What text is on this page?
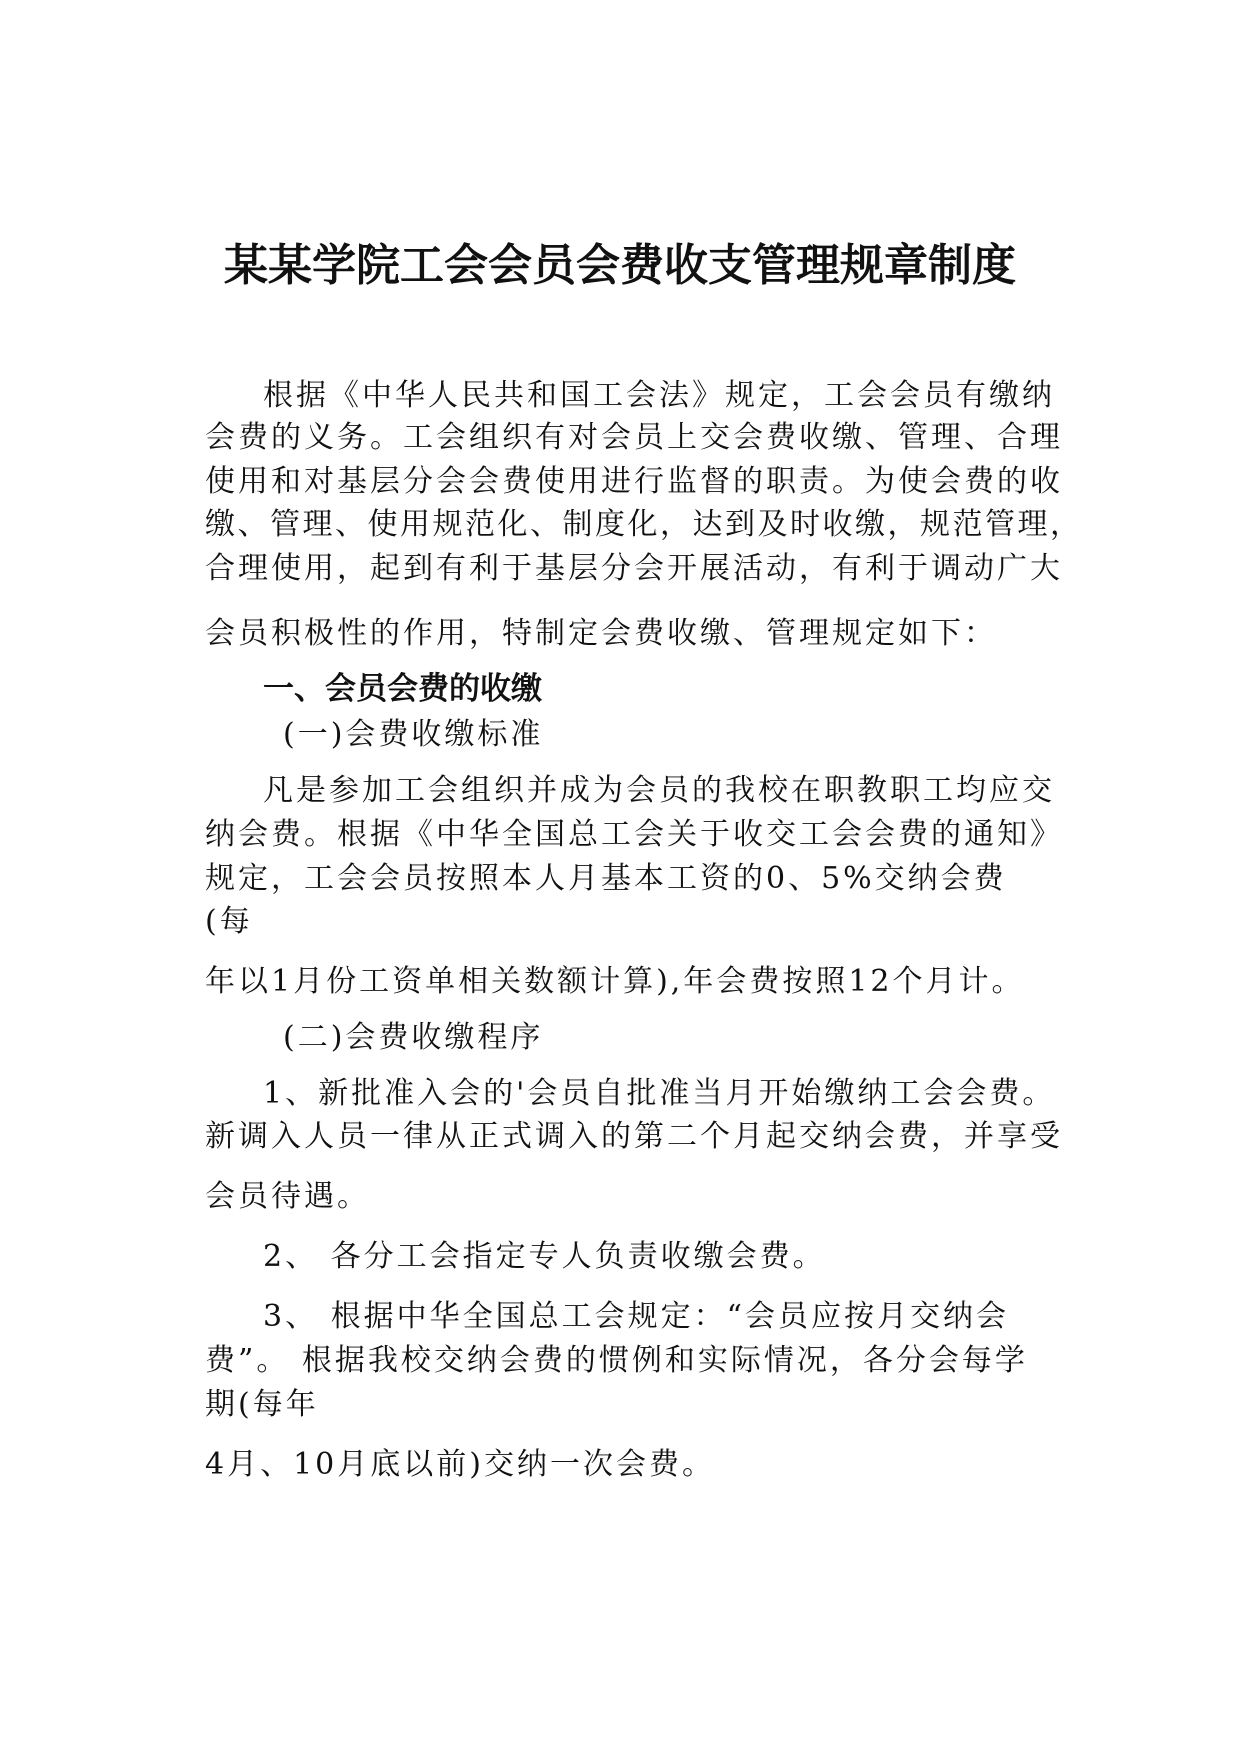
某某学院工会会员会费收支管理规章制度
根据《中华人民共和国工会法》规定，工会会员有缴纳
会费的义务。工会组织有对会员上交会费收缴、管理、合理
使用和对基层分会会费使用进行监督的职责。为使会费的收
缴、管理、使用规范化、制度化，达到及时收缴，规范管理，
合理使用，起到有利于基层分会开展活动，有利于调动广大
会员积极性的作用，特制定会费收缴、管理规定如下：
一、会员会费的收缴
(一)会费收缴标准
凡是参加工会组织并成为会员的我校在职教职工均应交
纳会费。根据《中华全国总工会关于收交工会会费的通知》
规定，工会会员按照本人月基本工资的0、5%交纳会费
(每
年以1月份工资单相关数额计算),年会费按照12个月计。
(二)会费收缴程序
1、新批准入会的'会员自批准当月开始缴纳工会会费。
新调入人员一律从正式调入的第二个月起交纳会费，并享受
会员待遇。
2、 各分工会指定专人负责收缴会费。
3、 根据中华全国总工会规定：“会员应按月交纳会
费”。 根据我校交纳会费的惯例和实际情况，各分会每学
期(每年
4月、10月底以前)交纳一次会费。
